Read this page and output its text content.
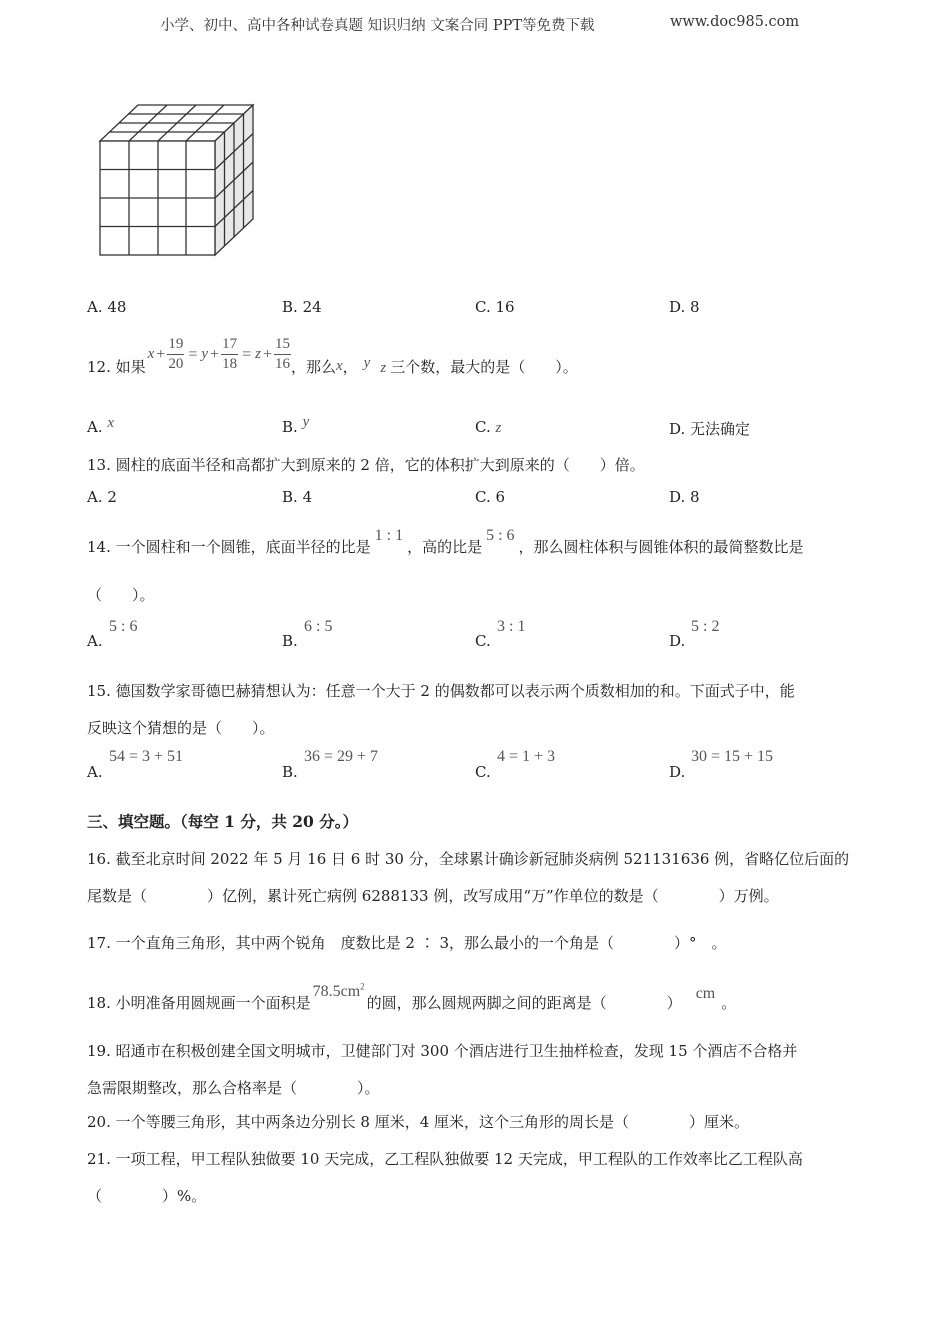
小学、初中、高中各种试卷真题 知识归纳 文案合同 PPT等免费下载	www.doc985.com
A. 48	B. 24	C. 16	D. 8
12. 如果
$x + \frac{19}{20} = y + \frac{17}{18} = z + \frac{15}{16}$ ，那么 x ， y z 三个数，最大的是（　　）。
A. x	B. y	C. z	D. 无法确定
13. 圆柱的底面半径和高都扩大到原来的 2 倍，它的体积扩大到原来的（　　）倍。
A. 2	B. 4	C. 6	D. 8
14. 一个圆柱和一个圆锥，底面半径的比是1 : 1，高的比是5 : 6，那么圆柱体积与圆锥体积的最简整数比是
（　　）。
A.
5 : 6
B.
6 : 5
C.
3 : 1
D.
5 : 2
15. 德国数学家哥德巴赫猜想认为：任意一个大于 2 的偶数都可以表示两个质数相加的和。下面式子中，能
反映这个猜想的是（　　）。
A.
54 = 3 + 51
B.
36 = 29 + 7
C.
4 = 1 + 3
D.
30 = 15 + 15
三、填空题。（每空 1 分，共 20 分。）
16. 截至北京时间 2022 年 5 月 16 日 6 时 30 分，全球累计确诊新冠肺炎病例 521131636 例，省略亿位后面的
尾数是（　　　　）亿例，累计死亡病例 6288133 例，改写成用“万”作单位的数是（　　　　）万例。
17. 一个直角三角形，其中两个锐角　度数比是 2 ∶ 3，那么最小的一个角是（　　　　）°　。
18. 小明准备用圆规画一个面积是$78.5cm^2$的圆，那么圆规两脚之间的距离是（　　　　）cm。
19. 昭通市在积极创建全国文明城市，卫健部门对 300 个酒店进行卫生抽样检查，发现 15 个酒店不合格并
急需限期整改，那么合格率是（　　　　）。
20. 一个等腰三角形，其中两条边分别长 8 厘米，4 厘米，这个三角形的周长是（　　　　）厘米。
21. 一项工程，甲工程队独做要 10 天完成，乙工程队独做要 12 天完成，甲工程队的工作效率比乙工程队高
（　　　　）%。
